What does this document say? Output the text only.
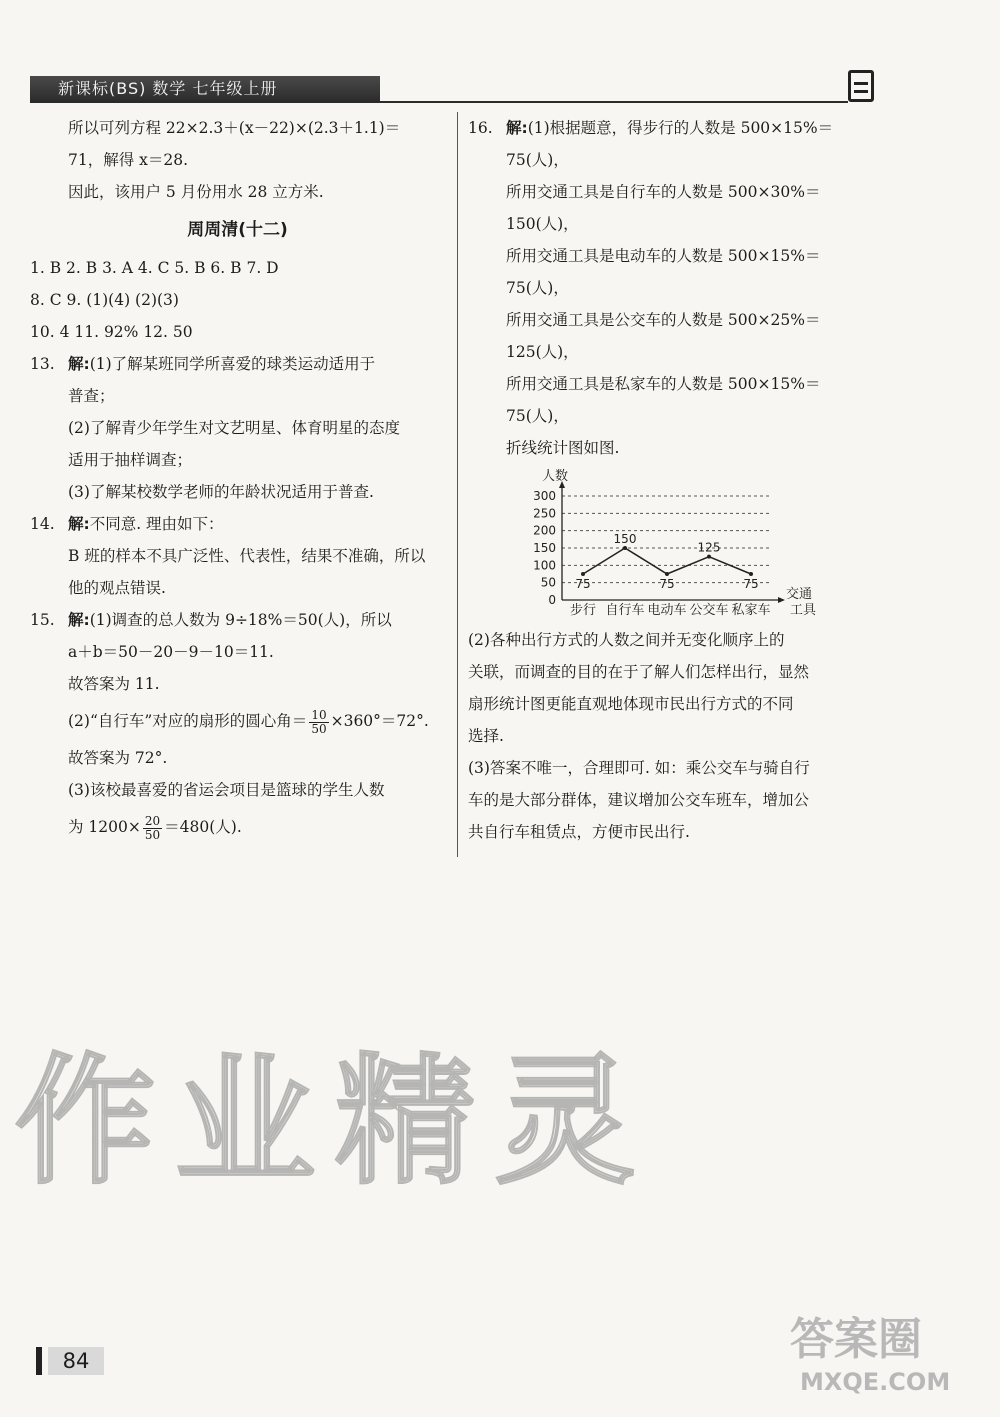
新课标(BS) 数学 七年级上册
所以可列方程 22×2.3＋(x－22)×(2.3＋1.1)＝
71，解得 x＝28.
因此，该用户 5 月份用水 28 立方米.
周周清(十二)
1. B 2. B 3. A 4. C 5. B 6. B 7. D
8. C 9. (1)(4) (2)(3)
10. 4 11. 92% 12. 50
13. 解:(1)了解某班同学所喜爱的球类运动适用于
普查；
(2)了解青少年学生对文艺明星、体育明星的态度
适用于抽样调查；
(3)了解某校数学老师的年龄状况适用于普查.
14. 解:不同意. 理由如下：
B 班的样本不具广泛性、代表性，结果不准确，所以
他的观点错误.
15. 解:(1)调查的总人数为 9÷18%＝50(人)，所以
a＋b＝50－20－9－10＝11.
故答案为 11.
(2)“自行车”对应的扇形的圆心角＝ $\frac{10}{50} \times 360^\circ=72^\circ$.
故答案为 72°.
(3)该校最喜爱的省运会项目是篮球的学生人数
为 $1200\times \frac{20}{50} =480$(人).
16. 解:(1)根据题意，得步行的人数是 500×15%＝
75(人)，
所用交通工具是自行车的人数是 500×30%＝
150(人)，
所用交通工具是电动车的人数是 500×15%＝
75(人)，
所用交通工具是公交车的人数是 500×25%＝
125(人)，
所用交通工具是私家车的人数是 500×15%＝
75(人)，
折线统计图如图.
0
50
100
150
200
250
300
人数
交通
工具
75
步行
150
自行车
75
电动车
125
公交车
75
私家车
(2)各种出行方式的人数之间并无变化顺序上的
关联，而调查的目的在于了解人们怎样出行，显然
扇形统计图更能直观地体现市民出行方式的不同
选择.
(3)答案不唯一，合理即可. 如：乘公交车与骑自行
车的是大部分群体，建议增加公交车班车，增加公
共自行车租赁点，方便市民出行.
作业精灵
84	答案圈
MXQE.COM
